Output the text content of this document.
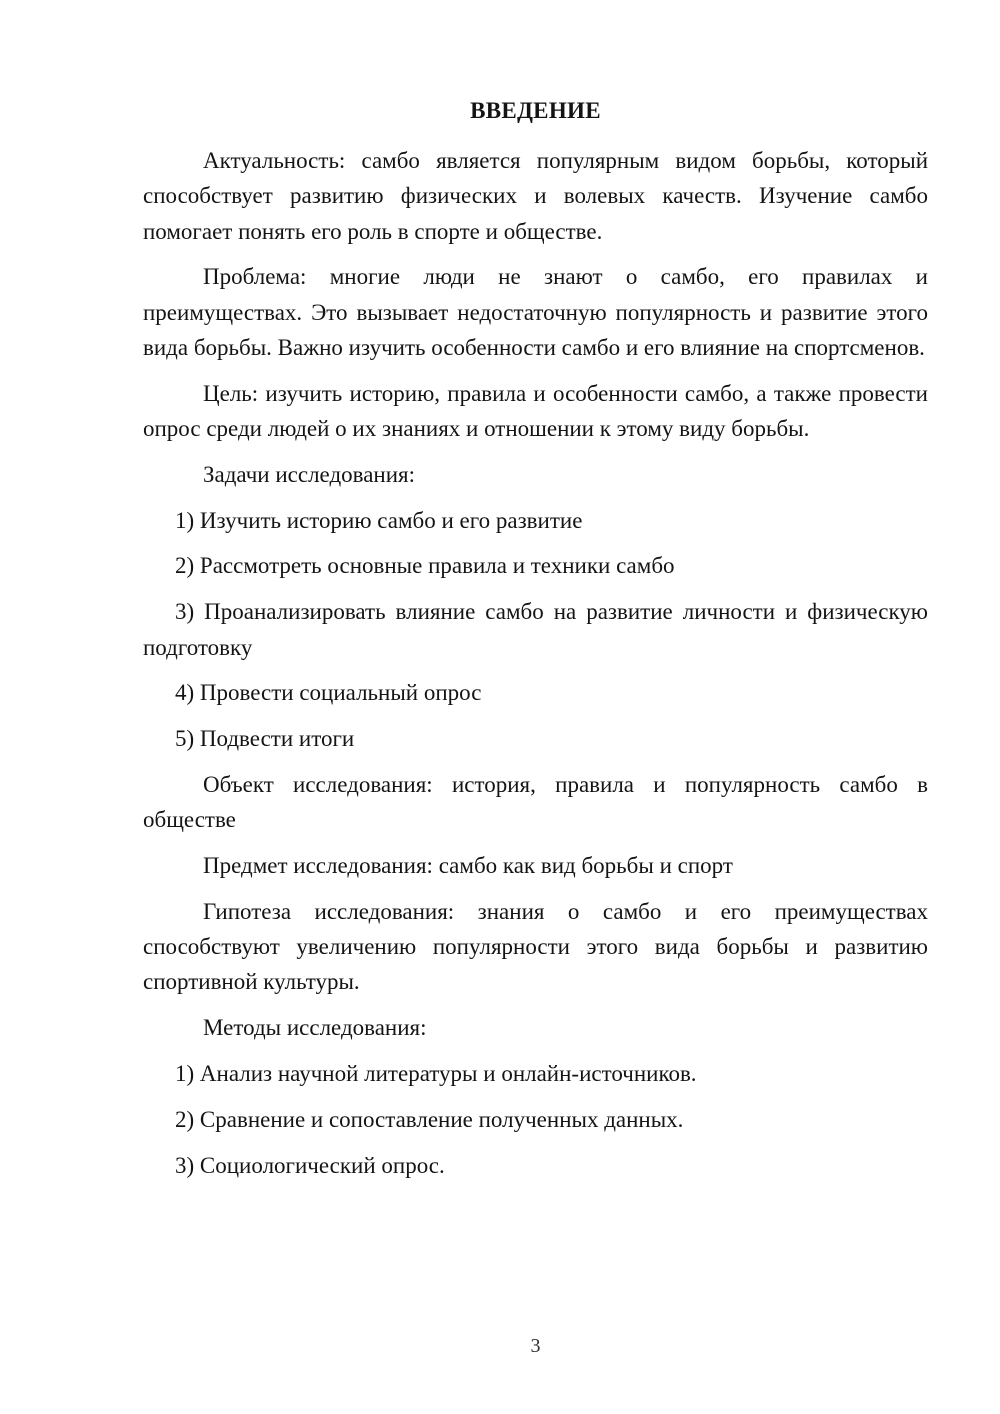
ВВЕДЕНИЕ

Актуальность: самбо является популярным видом борьбы, который способствует развитию физических и волевых качеств. Изучение самбо помогает понять его роль в спорте и обществе.

Проблема: многие люди не знают о самбо, его правилах и преимуществах. Это вызывает недостаточную популярность и развитие этого вида борьбы. Важно изучить особенности самбо и его влияние на спортсменов.

Цель: изучить историю, правила и особенности самбо, а также провести опрос среди людей о их знаниях и отношении к этому виду борьбы.

Задачи исследования:

1) Изучить историю самбо и его развитие

2) Рассмотреть основные правила и техники самбо

3) Проанализировать влияние самбо на развитие личности и физическую подготовку

4) Провести социальный опрос

5) Подвести итоги

Объект исследования: история, правила и популярность самбо в обществе

Предмет исследования: самбо как вид борьбы и спорт

Гипотеза исследования: знания о самбо и его преимуществах способствуют увеличению популярности этого вида борьбы и развитию спортивной культуры.

Методы исследования:

1) Анализ научной литературы и онлайн-источников.

2) Сравнение и сопоставление полученных данных.

3) Социологический опрос.

3
